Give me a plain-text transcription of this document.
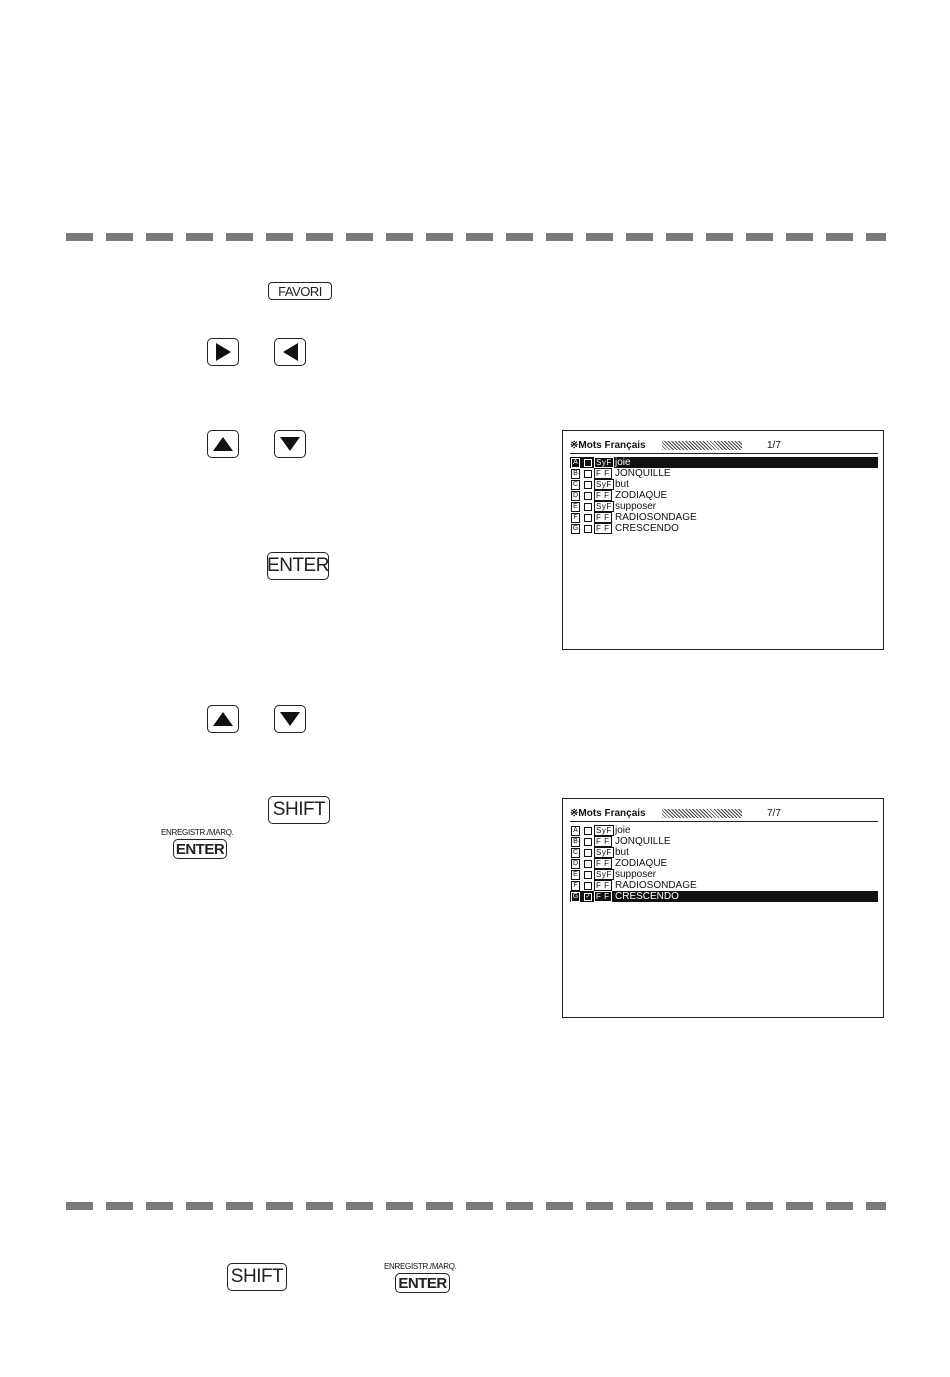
FAVORI
ENTER
SHIFT
ENREGISTR./MARQ.
ENTER
※Mots Français	1/7
A SyF joie
B F F JONQUILLE
C SyF but
D F F ZODIAQUE
E SyF supposer
F F F RADIOSONDAGE
G F F CRESCENDO
※Mots Français	7/7
A SyF joie
B F F JONQUILLE
C SyF but
D F F ZODIAQUE
E SyF supposer
F F F RADIOSONDAGE
G ✓ F F CRESCENDO
SHIFT	ENREGISTR./MARQ.
ENTER
